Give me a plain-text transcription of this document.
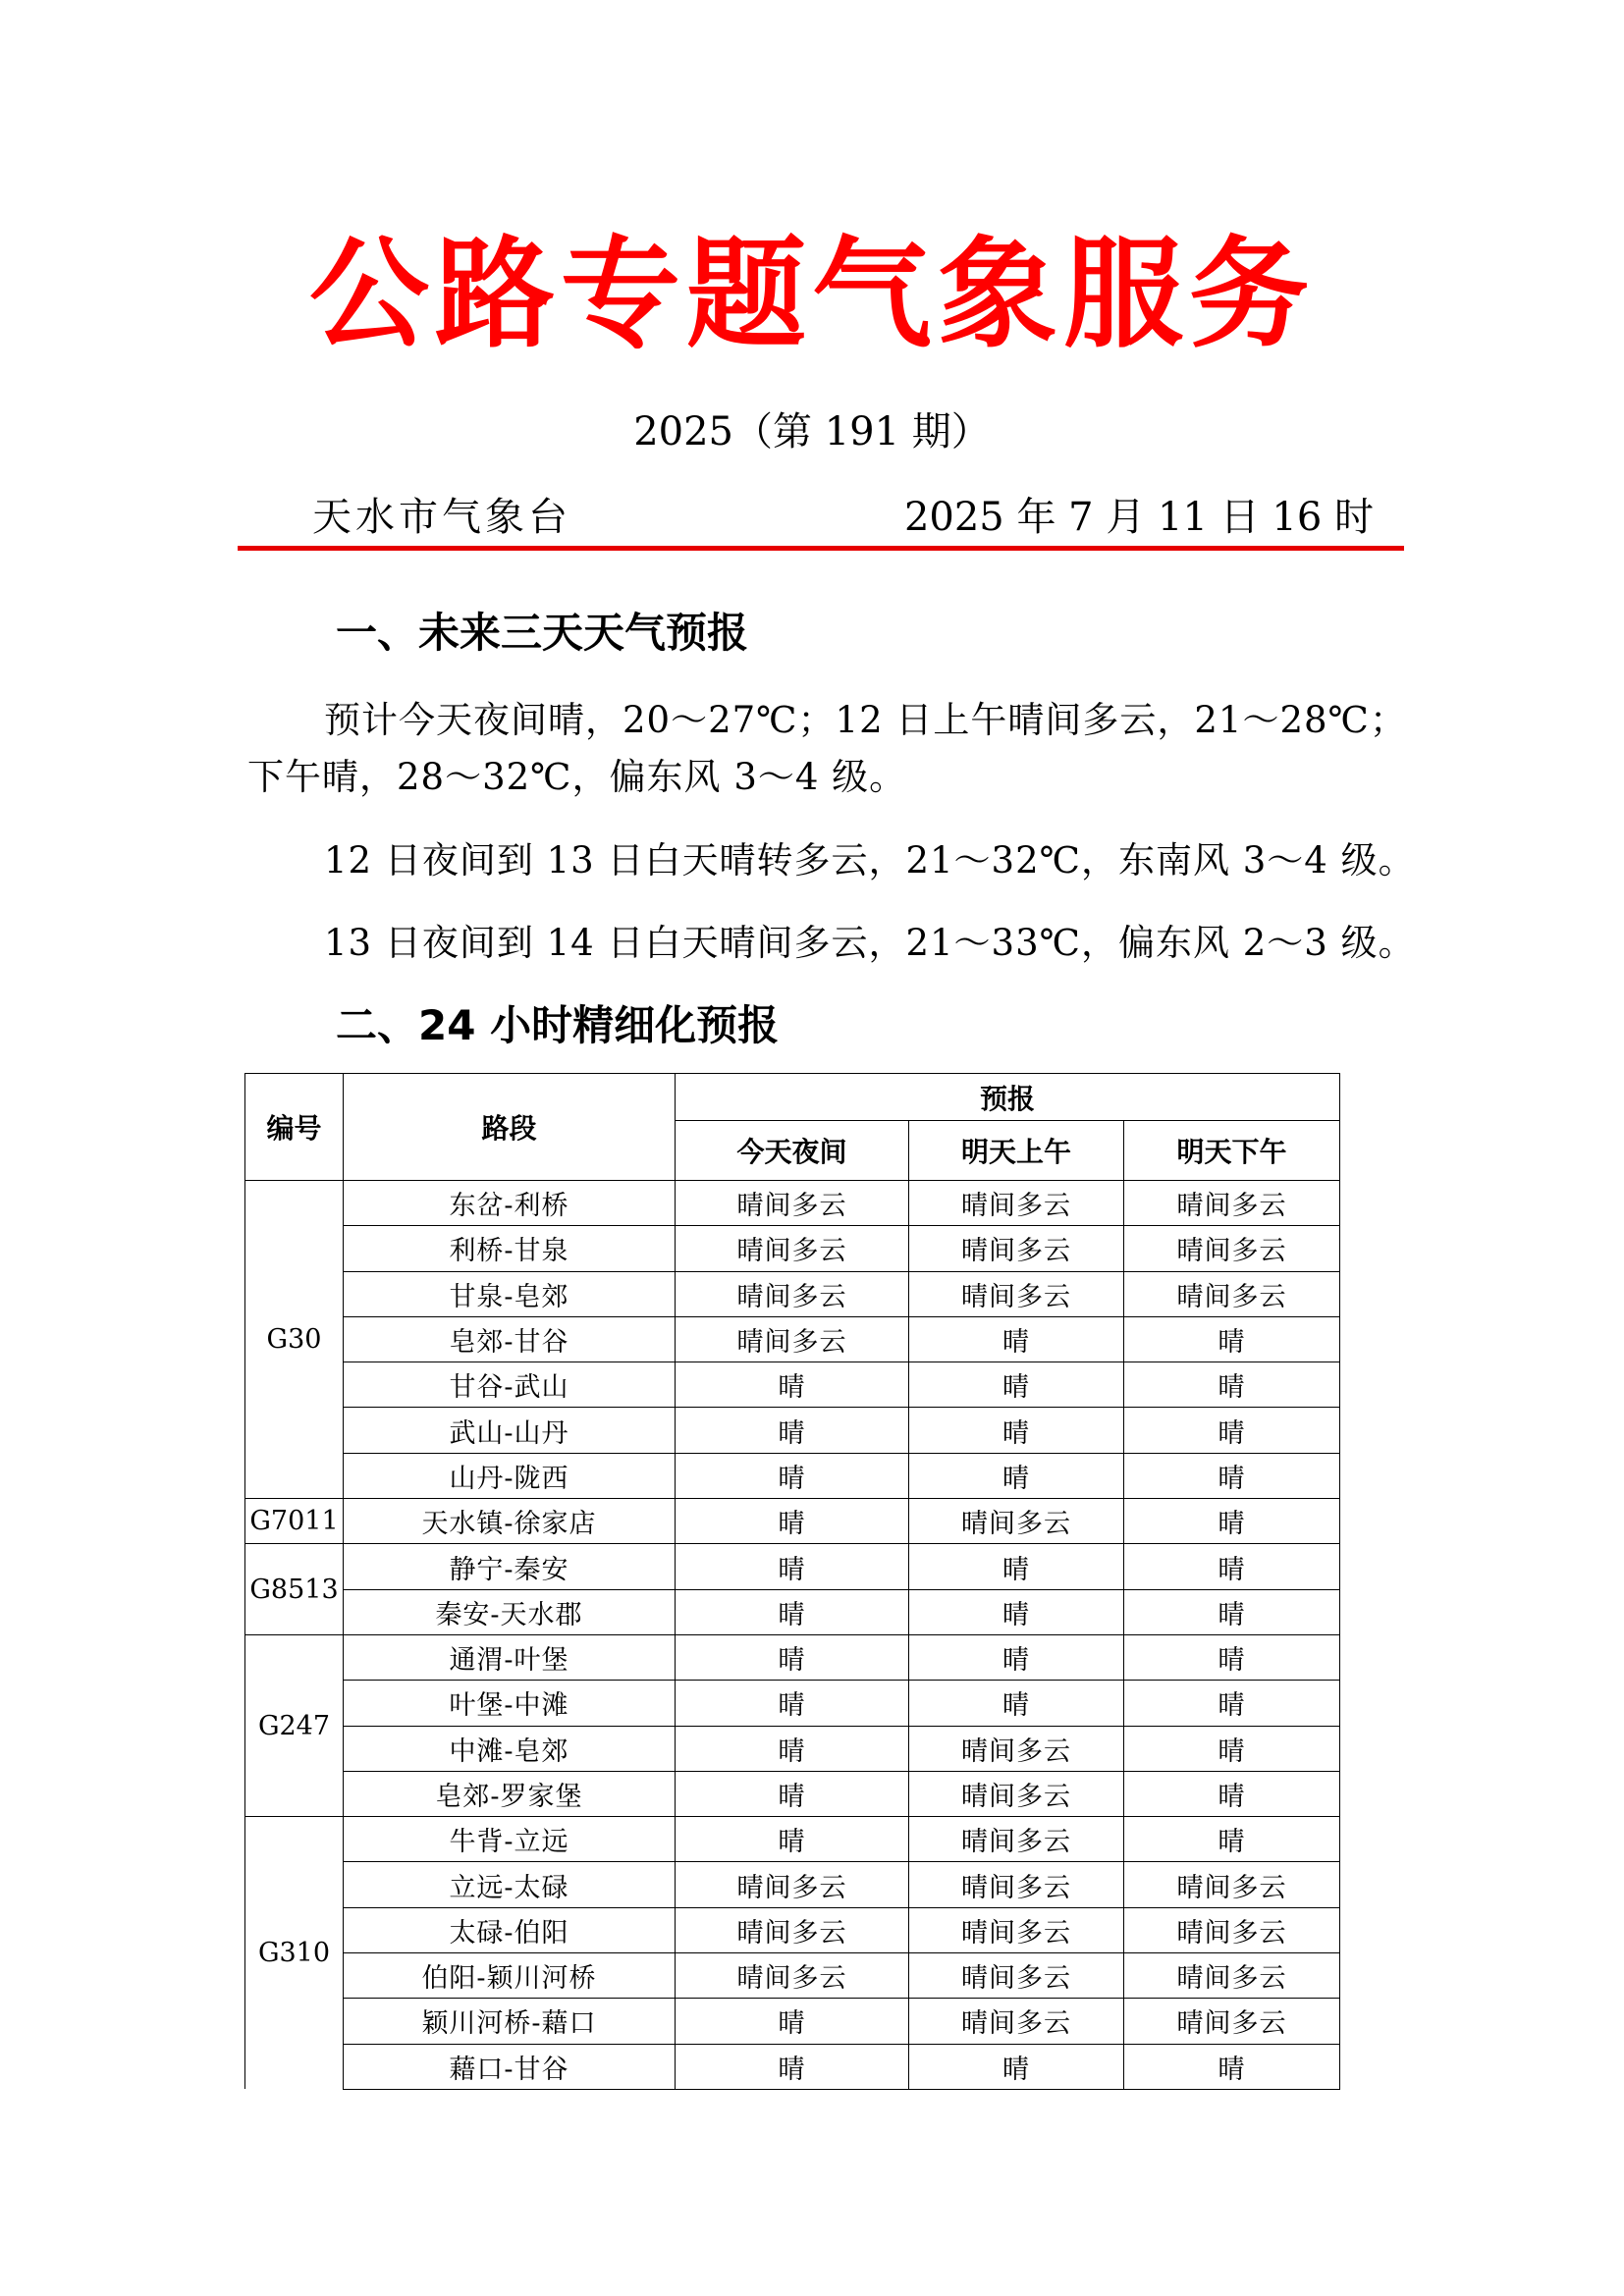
公路专题气象服务
2025（第 191 期）
天水市气象台	2025 年 7 月 11 日 16 时
一、未来三天天气预报
预计今天夜间晴，20～27℃；12 日上午晴间多云，21～28℃；
下午晴，28～32℃，偏东风 3～4 级。
12 日夜间到 13 日白天晴转多云，21～32℃，东南风 3～4 级。
13 日夜间到 14 日白天晴间多云，21～33℃，偏东风 2～3 级。
二、24 小时精细化预报
编号	路段	预报		
		今天夜间	明天上午	明天下午
G30	东岔-利桥	晴间多云	晴间多云	晴间多云
	利桥-甘泉	晴间多云	晴间多云	晴间多云
	甘泉-皂郊	晴间多云	晴间多云	晴间多云
	皂郊-甘谷	晴间多云	晴	晴
	甘谷-武山	晴	晴	晴
	武山-山丹	晴	晴	晴
	山丹-陇西	晴	晴	晴
G7011	天水镇-徐家店	晴	晴间多云	晴
G8513	静宁-秦安	晴	晴	晴
	秦安-天水郡	晴	晴	晴
G247	通渭-叶堡	晴	晴	晴
	叶堡-中滩	晴	晴	晴
	中滩-皂郊	晴	晴间多云	晴
	皂郊-罗家堡	晴	晴间多云	晴
G310	牛背-立远	晴	晴间多云	晴
	立远-太碌	晴间多云	晴间多云	晴间多云
	太碌-伯阳	晴间多云	晴间多云	晴间多云
	伯阳-颖川河桥	晴间多云	晴间多云	晴间多云
	颖川河桥-藉口	晴	晴间多云	晴间多云
	藉口-甘谷	晴	晴	晴
